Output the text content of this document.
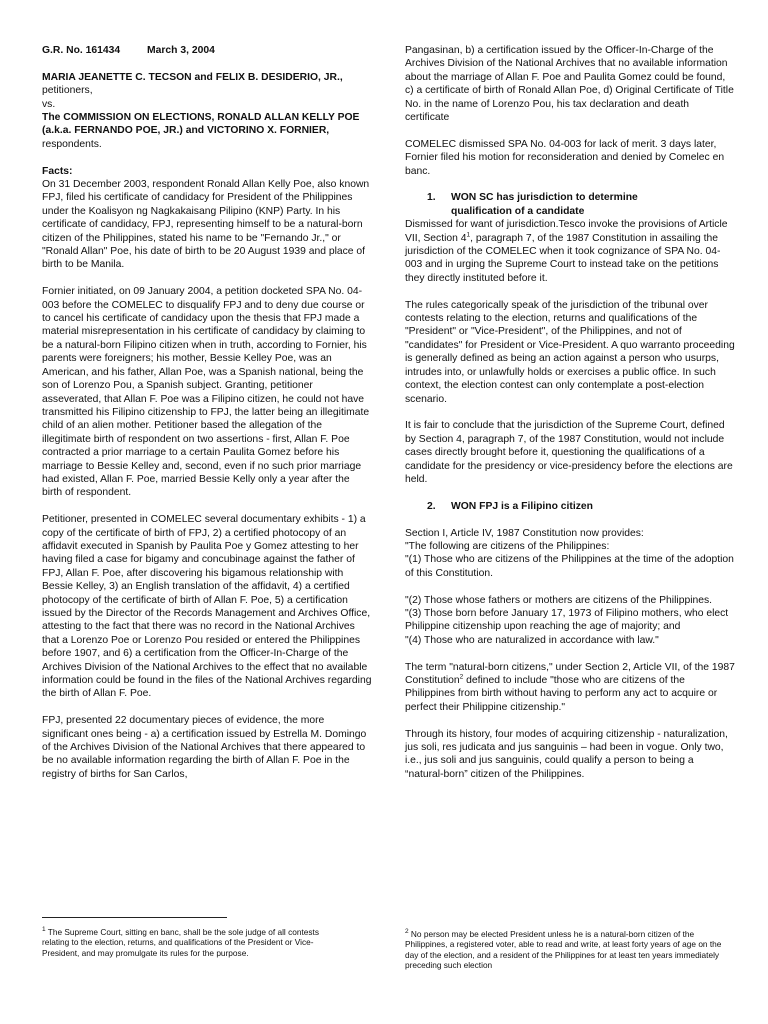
G.R. No. 161434	March 3, 2004

MARIA JEANETTE C. TECSON and FELIX B. DESIDERIO, JR., petitioners,
vs.
The COMMISSION ON ELECTIONS, RONALD ALLAN KELLY POE (a.k.a. FERNANDO POE, JR.) and VICTORINO X. FORNIER, respondents.
Facts:

On 31 December 2003, respondent Ronald Allan Kelly Poe, also known FPJ, filed his certificate of candidacy for President of the Philippines under the Koalisyon ng Nagkakaisang Pilipino (KNP) Party. In his certificate of candidacy, FPJ, representing himself to be a natural-born citizen of the Philippines, stated his name to be "Fernando Jr.," or "Ronald Allan" Poe, his date of birth to be 20 August 1939 and place of birth to be Manila.

Fornier initiated, on 09 January 2004, a petition docketed SPA No. 04-003 before the COMELEC to disqualify FPJ and to deny due course or to cancel his certificate of candidacy upon the thesis that FPJ made a material misrepresentation in his certificate of candidacy by claiming to be a natural-born Filipino citizen when in truth, according to Fornier, his parents were foreigners; his mother, Bessie Kelley Poe, was an American, and his father, Allan Poe, was a Spanish national, being the son of Lorenzo Pou, a Spanish subject. Granting, petitioner asseverated, that Allan F. Poe was a Filipino citizen, he could not have transmitted his Filipino citizenship to FPJ, the latter being an illegitimate child of an alien mother. Petitioner based the allegation of the illegitimate birth of respondent on two assertions - first, Allan F. Poe contracted a prior marriage to a certain Paulita Gomez before his marriage to Bessie Kelley and, second, even if no such prior marriage had existed, Allan F. Poe, married Bessie Kelly only a year after the birth of respondent.

Petitioner, presented in COMELEC several documentary exhibits - 1) a copy of the certificate of birth of FPJ, 2) a certified photocopy of an affidavit executed in Spanish by Paulita Poe y Gomez attesting to her having filed a case for bigamy and concubinage against the father of FPJ, Allan F. Poe, after discovering his bigamous relationship with Bessie Kelley, 3) an English translation of the affidavit, 4) a certified photocopy of the certificate of birth of Allan F. Poe, 5) a certification issued by the Director of the Records Management and Archives Office, attesting to the fact that there was no record in the National Archives that a Lorenzo Poe or Lorenzo Pou resided or entered the Philippines before 1907, and 6) a certification from the Officer-In-Charge of the Archives Division of the National Archives to the effect that no available information could be found in the files of the National Archives regarding the birth of Allan F. Poe.

FPJ, presented 22 documentary pieces of evidence, the more significant ones being - a) a certification issued by Estrella M. Domingo of the Archives Division of the National Archives that there appeared to be no available information regarding the birth of Allan F. Poe in the registry of births for San Carlos,

Pangasinan, b) a certification issued by the Officer-In-Charge of the Archives Division of the National Archives that no available information about the marriage of Allan F. Poe and Paulita Gomez could be found, c) a certificate of birth of Ronald Allan Poe, d) Original Certificate of Title No. in the name of Lorenzo Pou, his tax declaration and death certificate

COMELEC dismissed SPA No. 04-003 for lack of merit. 3 days later, Fornier filed his motion for reconsideration and denied by Comelec en banc.

1. WON SC has jurisdiction to determine
qualification of a candidate

Dismissed for want of jurisdiction.Tesco invoke the provisions of Article VII, Section $4^1$, paragraph 7, of the 1987 Constitution in assailing the jurisdiction of the COMELEC when it took cognizance of SPA No. 04-003 and in urging the Supreme Court to instead take on the petitions they directly instituted before it.

The rules categorically speak of the jurisdiction of the tribunal over contests relating to the election, returns and qualifications of the "President" or "Vice-President", of the Philippines, and not of "candidates" for President or Vice-President. A quo warranto proceeding is generally defined as being an action against a person who usurps, intrudes into, or unlawfully holds or exercises a public office. In such context, the election contest can only contemplate a post-election scenario.

It is fair to conclude that the jurisdiction of the Supreme Court, defined by Section 4, paragraph 7, of the 1987 Constitution, would not include cases directly brought before it, questioning the qualifications of a candidate for the presidency or vice-presidency before the elections are held.

2. WON FPJ is a Filipino citizen

Section I, Article IV, 1987 Constitution now provides:
"The following are citizens of the Philippines:
"(1) Those who are citizens of the Philippines at the time of the adoption of this Constitution.
"(2) Those whose fathers or mothers are citizens of the Philippines.
"(3) Those born before January 17, 1973 of Filipino mothers, who elect Philippine citizenship upon reaching the age of majority; and
"(4) Those who are naturalized in accordance with law."

The term "natural-born citizens," under Section 2, Article VII, of the 1987 Constitution$^2$ defined to include "those who are citizens of the Philippines from birth without having to perform any act to acquire or perfect their Philippine citizenship."

Through its history, four modes of acquiring citizenship - naturalization, jus soli, res judicata and jus sanguinis – had been in vogue. Only two, i.e., jus soli and jus sanguinis, could qualify a person to being a “natural-born” citizen of the Philippines.

$^1$ The Supreme Court, sitting en banc, shall be the sole judge of all contests relating to the election, returns, and qualifications of the President or Vice-President, and may promulgate its rules for the purpose.
$^2$ No person may be elected President unless he is a natural-born citizen of the Philippines, a registered voter, able to read and write, at least forty years of age on the day of the election, and a resident of the Philippines for at least ten years immediately preceding such election
